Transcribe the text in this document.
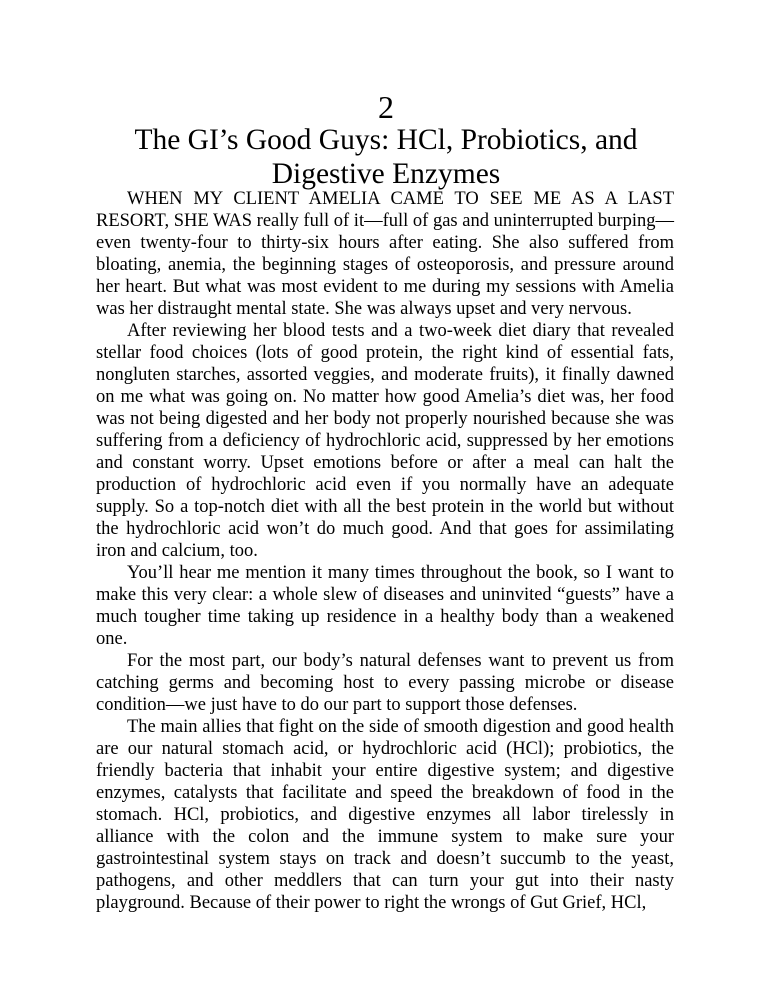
2
The GI’s Good Guys: HCl, Probiotics, and Digestive Enzymes

WHEN MY CLIENT AMELIA CAME TO SEE ME AS A LAST RESORT, SHE WAS really full of it—full of gas and uninterrupted burping—even twenty-four to thirty-six hours after eating. She also suffered from bloating, anemia, the beginning stages of osteoporosis, and pressure around her heart. But what was most evident to me during my sessions with Amelia was her distraught mental state. She was always upset and very nervous.

After reviewing her blood tests and a two-week diet diary that revealed stellar food choices (lots of good protein, the right kind of essential fats, nongluten starches, assorted veggies, and moderate fruits), it finally dawned on me what was going on. No matter how good Amelia’s diet was, her food was not being digested and her body not properly nourished because she was suffering from a deficiency of hydrochloric acid, suppressed by her emotions and constant worry. Upset emotions before or after a meal can halt the production of hydrochloric acid even if you normally have an adequate supply. So a top-notch diet with all the best protein in the world but without the hydrochloric acid won’t do much good. And that goes for assimilating iron and calcium, too.

You’ll hear me mention it many times throughout the book, so I want to make this very clear: a whole slew of diseases and uninvited “guests” have a much tougher time taking up residence in a healthy body than a weakened one.

For the most part, our body’s natural defenses want to prevent us from catching germs and becoming host to every passing microbe or disease condition—we just have to do our part to support those defenses.

The main allies that fight on the side of smooth digestion and good health are our natural stomach acid, or hydrochloric acid (HCl); probiotics, the friendly bacteria that inhabit your entire digestive system; and digestive enzymes, catalysts that facilitate and speed the breakdown of food in the stomach. HCl, probiotics, and digestive enzymes all labor tirelessly in alliance with the colon and the immune system to make sure your gastrointestinal system stays on track and doesn’t succumb to the yeast, pathogens, and other meddlers that can turn your gut into their nasty playground. Because of their power to right the wrongs of Gut Grief, HCl,
